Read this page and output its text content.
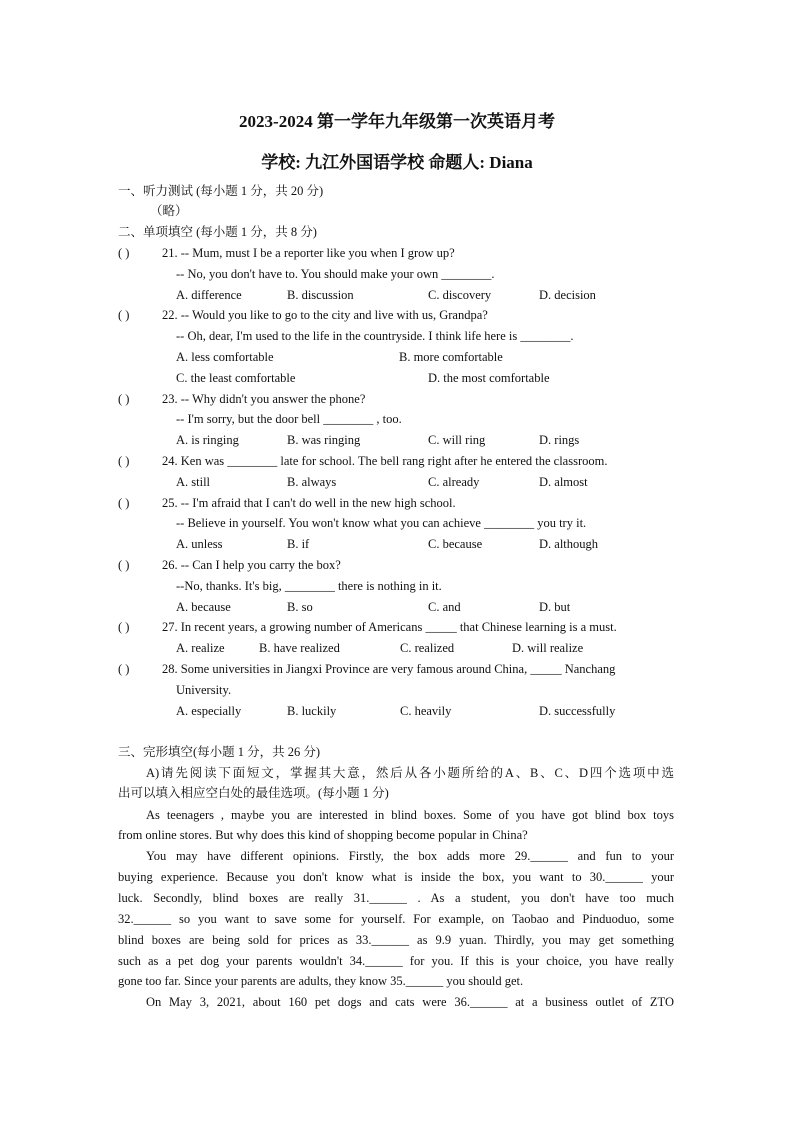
2023-2024 第一学年九年级第一次英语月考
学校: 九江外国语学校 命题人: Diana
一、听力测试 (每小题 1 分，共 20 分)
（略）
二、单项填空 (每小题 1 分，共 8 分)
( )	21. -- Mum, must I be a reporter like you when I grow up?
-- No, you don't have to. You should make your own ________.
A. difference	B. discussion	C. discovery	D. decision
( )	22. -- Would you like to go to the city and live with us, Grandpa?
-- Oh, dear, I'm used to the life in the countryside. I think life here is ________.
A. less comfortable	B. more comfortable
C. the least comfortable	D. the most comfortable
( )	23. -- Why didn't you answer the phone?
-- I'm sorry, but the door bell ________ , too.
A. is ringing	B. was ringing	C. will ring	D. rings
( )	24. Ken was ________ late for school. The bell rang right after he entered the classroom.
A. still	B. always	C. already	D. almost
( )	25. -- I'm afraid that I can't do well in the new high school.
-- Believe in yourself. You won't know what you can achieve ________ you try it.
A. unless	B. if	C. because	D. although
( )	26. -- Can I help you carry the box?
--No, thanks. It's big, ________ there is nothing in it.
A. because	B. so	C. and	D. but
( )	27. In recent years, a growing number of Americans _____ that Chinese learning is a must.
A. realize	B. have realized	C. realized	D. will realize
( )	28. Some universities in Jiangxi Province are very famous around China, _____ Nanchang
University.
A. especially	B. luckily	C. heavily	D. successfully
三、完形填空(每小题 1 分，共 26 分)
A)请先阅读下面短文，掌握其大意，然后从各小题所给的A、B、C、D四个选项中选
出可以填入相应空白处的最佳选项。(每小题 1 分)
As teenagers , maybe you are interested in blind boxes. Some of you have got blind box toys
from online stores. But why does this kind of shopping become popular in China?
You may have different opinions. Firstly, the box adds more 29.______ and fun to your
buying experience. Because you don't know what is inside the box, you want to 30.______ your
luck. Secondly, blind boxes are really 31.______ . As a student, you don't have too much
32.______ so you want to save some for yourself. For example, on Taobao and Pinduoduo, some
blind boxes are being sold for prices as 33.______ as 9.9 yuan. Thirdly, you may get something
such as a pet dog your parents wouldn't 34.______ for you. If this is your choice, you have really
gone too far. Since your parents are adults, they know 35.______ you should get.
On May 3, 2021, about 160 pet dogs and cats were 36.______ at a business outlet of ZTO
